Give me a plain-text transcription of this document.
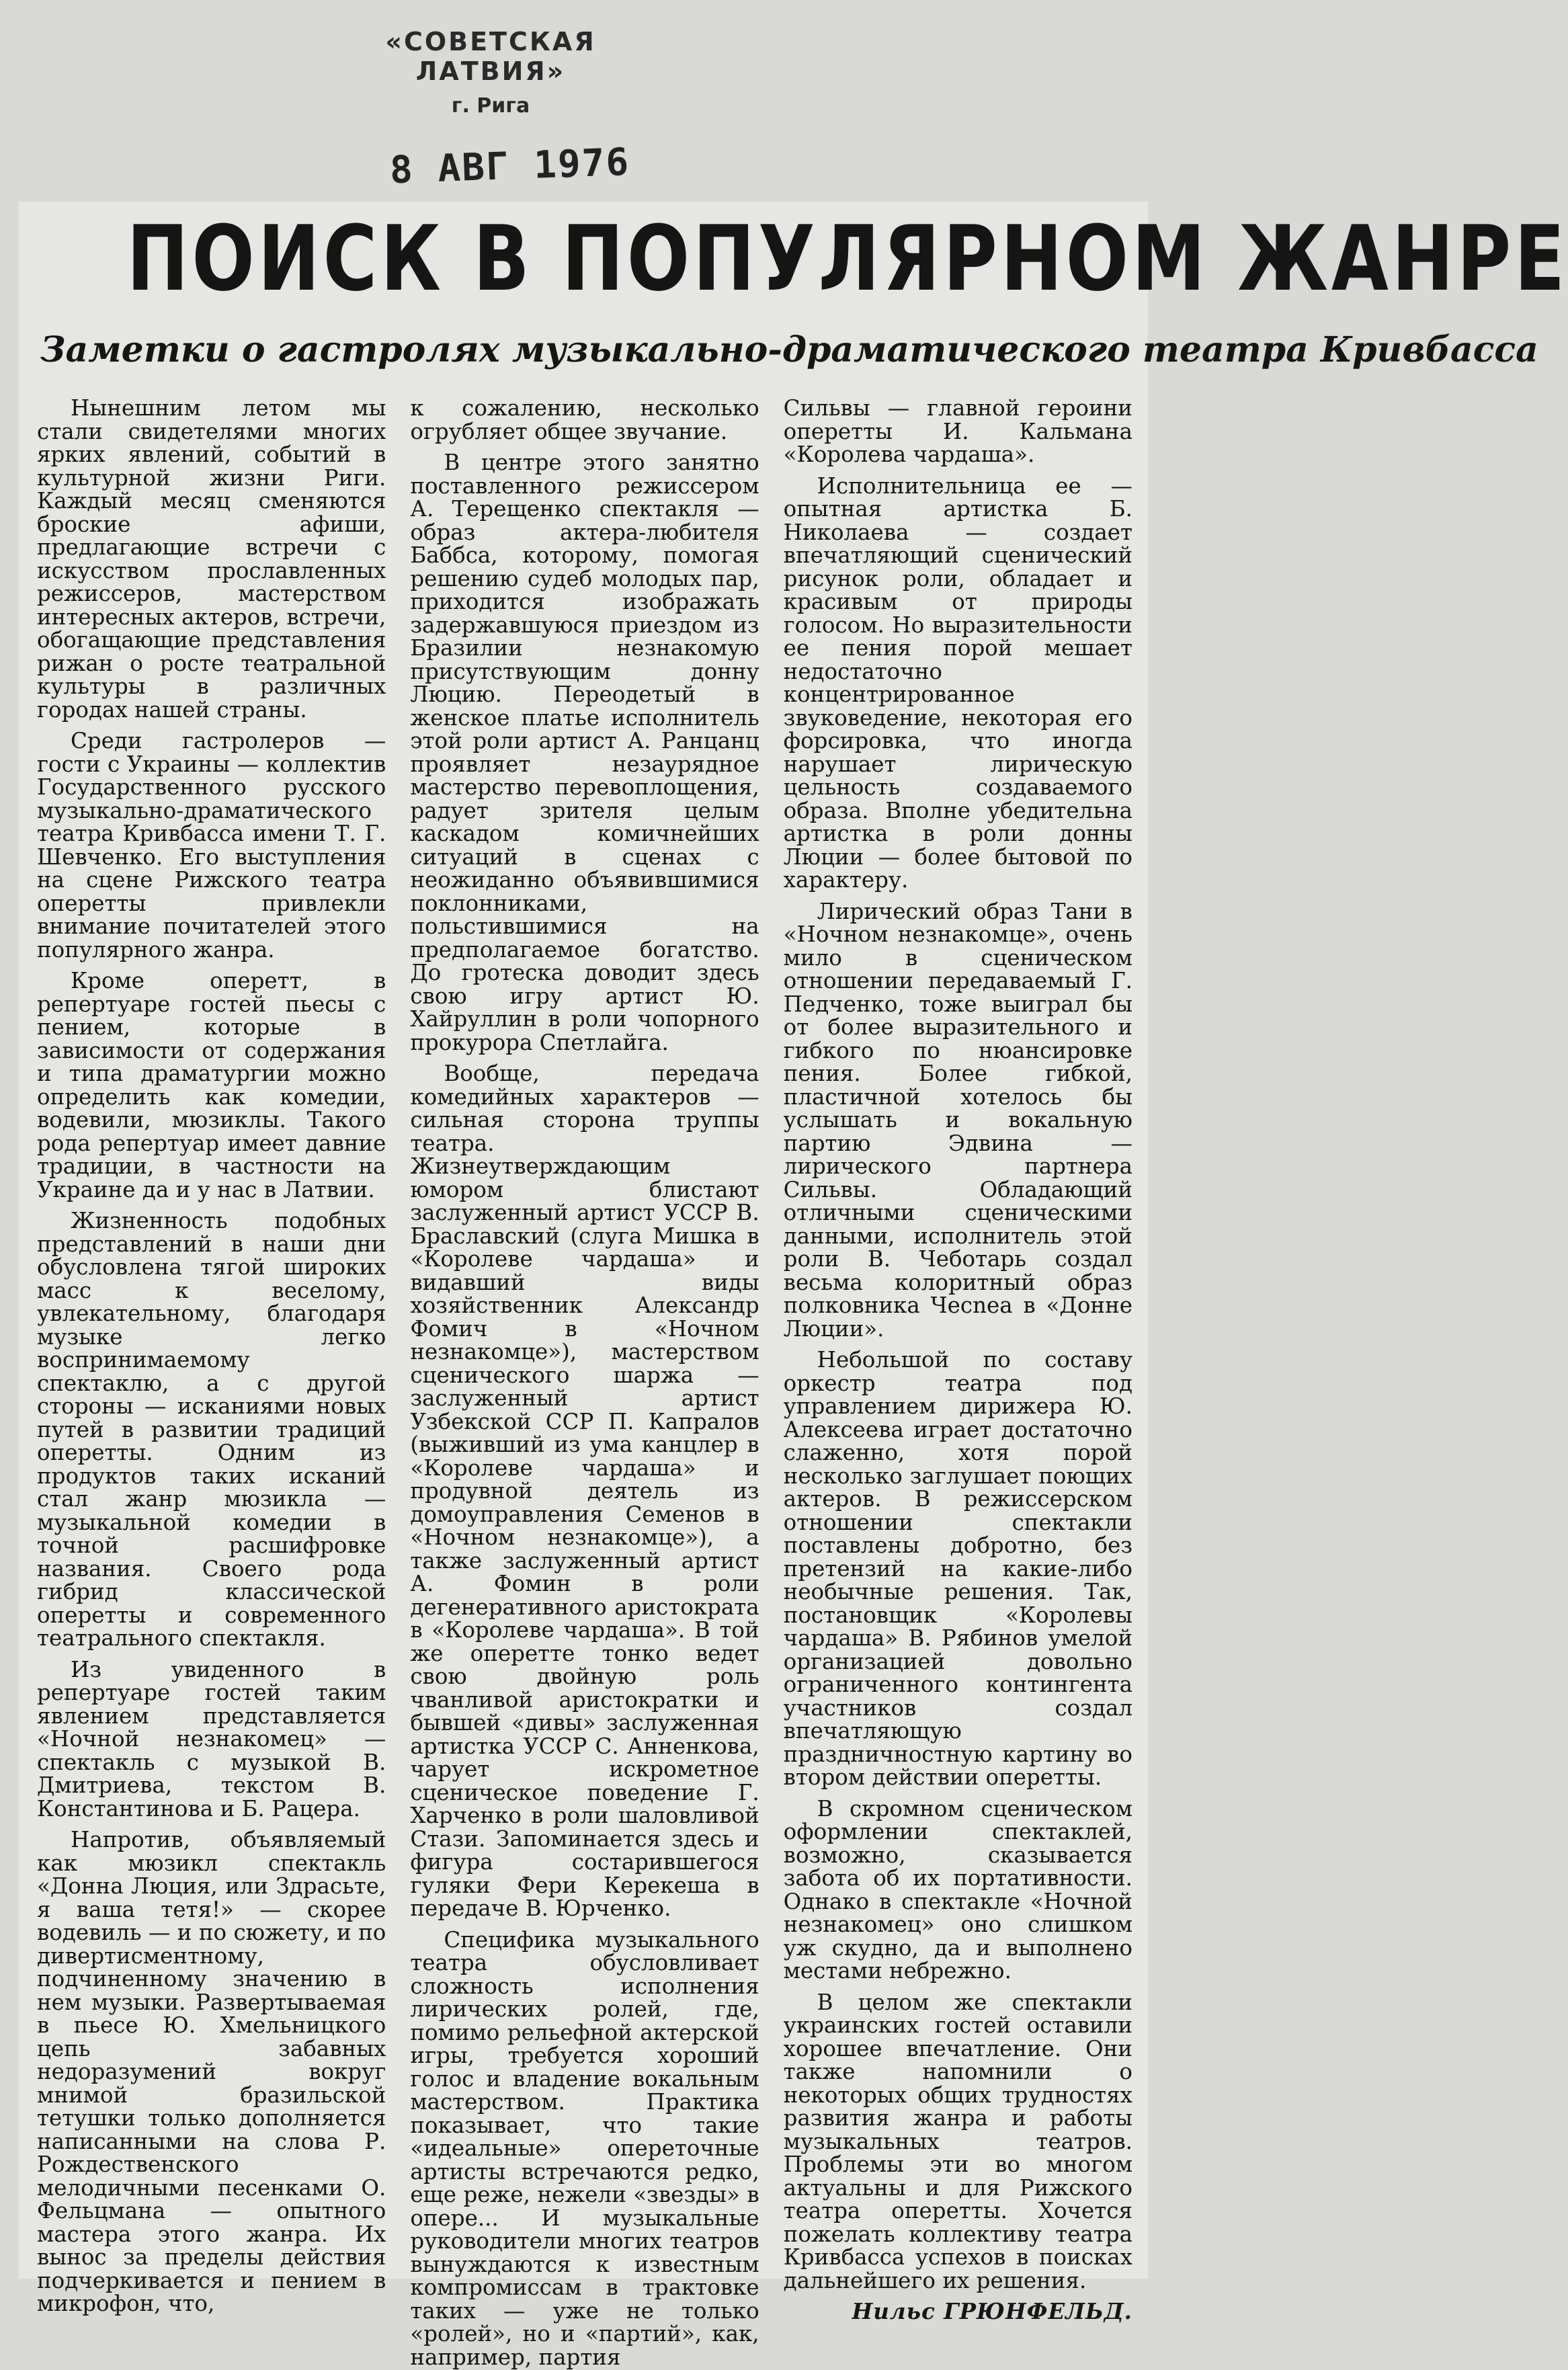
«СОВЕТСКАЯ ЛАТВИЯ»
г. Рига
8 АВГ 1976
ПОИСК В ПОПУЛЯРНОМ ЖАНРЕ
Заметки о гастролях музыкально-драматического театра Кривбасса

Нынешним летом мы стали свидетелями многих ярких явлений, событий в культурной жизни Риги. Каждый месяц сменяются броские афиши, предлагающие встречи с искусством прославленных режиссеров, мастерством интересных актеров, встречи, обогащающие представления рижан о росте театральной культуры в различных городах нашей страны.

Среди гастролеров — гости с Украины — коллектив Государственного русского музыкально-драматического театра Кривбасса имени Т. Г. Шевченко. Его выступления на сцене Рижского театра оперетты привлекли внимание почитателей этого популярного жанра.

Кроме оперетт, в репертуаре гостей пьесы с пением, которые в зависимости от содержания и типа драматургии можно определить как комедии, водевили, мюзиклы. Такого рода репертуар имеет давние традиции, в частности на Украине да и у нас в Латвии.

Жизненность подобных представлений в наши дни обусловлена тягой широких масс к веселому, увлекательному, благодаря музыке легко воспринимаемому спектаклю, а с другой стороны — исканиями новых путей в развитии традиций оперетты. Одним из продуктов таких исканий стал жанр мюзикла — музыкальной комедии в точной расшифровке названия. Своего рода гибрид классической оперетты и современного театрального спектакля.

Из увиденного в репертуаре гостей таким явлением представляется «Ночной незнакомец» — спектакль с музыкой В. Дмитриева, текстом В. Константинова и Б. Рацера.

Напротив, объявляемый как мюзикл спектакль «Донна Люция, или Здрасьте, я ваша тетя!» — скорее водевиль — и по сюжету, и по дивертисментному, подчиненному значению в нем музыки. Развертываемая в пьесе Ю. Хмельницкого цепь забавных недоразумений вокруг мнимой бразильской тетушки только дополняется написанными на слова Р. Рождественского мелодичными песенками О. Фельцмана — опытного мастера этого жанра. Их вынос за пределы действия подчеркивается и пением в микрофон, что,

к сожалению, несколько огрубляет общее звучание.

В центре этого занятно поставленного режиссером А. Терещенко спектакля — образ актера-любителя Баббса, которому, помогая решению судеб молодых пар, приходится изображать задержавшуюся приездом из Бразилии незнакомую присутствующим донну Люцию. Переодетый в женское платье исполнитель этой роли артист А. Ранцанц проявляет незаурядное мастерство перевоплощения, радует зрителя целым каскадом комичнейших ситуаций в сценах с неожиданно объявившимися поклонниками, польстившимися на предполагаемое богатство. До гротеска доводит здесь свою игру артист Ю. Хайруллин в роли чопорного прокурора Спетлайга.

Вообще, передача комедийных характеров — сильная сторона труппы театра. Жизнеутверждающим юмором блистают заслуженный артист УССР В. Браславский (слуга Мишка в «Королеве чардаша» и видавший виды хозяйственник Александр Фомич в «Ночном незнакомце»), мастерством сценического шаржа — заслуженный артист Узбекской ССР П. Капралов (выживший из ума канцлер в «Королеве чардаша» и продувной деятель из домоуправления Семенов в «Ночном незнакомце»), а также заслуженный артист А. Фомин в роли дегенеративного аристократа в «Королеве чардаша». В той же оперетте тонко ведет свою двойную роль чванливой аристократки и бывшей «дивы» заслуженная артистка УССР С. Анненкова, чарует искрометное сценическое поведение Г. Харченко в роли шаловливой Стази. Запоминается здесь и фигура состарившегося гуляки Фери Керекеша в передаче В. Юрченко.

Специфика музыкального театра обусловливает сложность исполнения лирических ролей, где, помимо рельефной актерской игры, требуется хороший голос и владение вокальным мастерством. Практика показывает, что такие «идеальные» опереточные артисты встречаются редко, еще реже, нежели «звезды» в опере... И музыкальные руководители многих театров вынуждаются к известным компромиссам в трактовке таких — уже не только «ролей», но и «партий», как, например, партия

Сильвы — главной героини оперетты И. Кальмана «Королева чардаша».

Исполнительница ее — опытная артистка Б. Николаева — создает впечатляющий сценический рисунок роли, обладает и красивым от природы голосом. Но выразительности ее пения порой мешает недостаточно концентрированное звуковедение, некоторая его форсировка, что иногда нарушает лирическую цельность создаваемого образа. Вполне убедительна артистка в роли донны Люции — более бытовой по характеру.

Лирический образ Тани в «Ночном незнакомце», очень мило в сценическом отношении передаваемый Г. Педченко, тоже выиграл бы от более выразительного и гибкого по нюансировке пения. Более гибкой, пластичной хотелось бы услышать и вокальную партию Эдвина — лирического партнера Сильвы. Обладающий отличными сценическими данными, исполнитель этой роли В. Чеботарь создал весьма колоритный образ полковника Чесnea в «Донне Люции».

Небольшой по составу оркестр театра под управлением дирижера Ю. Алексеева играет достаточно слаженно, хотя порой несколько заглушает поющих актеров. В режиссерском отношении спектакли поставлены добротно, без претензий на какие-либо необычные решения. Так, постановщик «Королевы чардаша» В. Рябинов умелой организацией довольно ограниченного контингента участников создал впечатляющую праздничностную картину во втором действии оперетты.

В скромном сценическом оформлении спектаклей, возможно, сказывается забота об их портативности. Однако в спектакле «Ночной незнакомец» оно слишком уж скудно, да и выполнено местами небрежно.

В целом же спектакли украинских гостей оставили хорошее впечатление. Они также напомнили о некоторых общих трудностях развития жанра и работы музыкальных театров. Проблемы эти во многом актуальны и для Рижского театра оперетты. Хочется пожелать коллективу театра Кривбасса успехов в поисках дальнейшего их решения.

Нильс ГРЮНФЕЛЬД.
